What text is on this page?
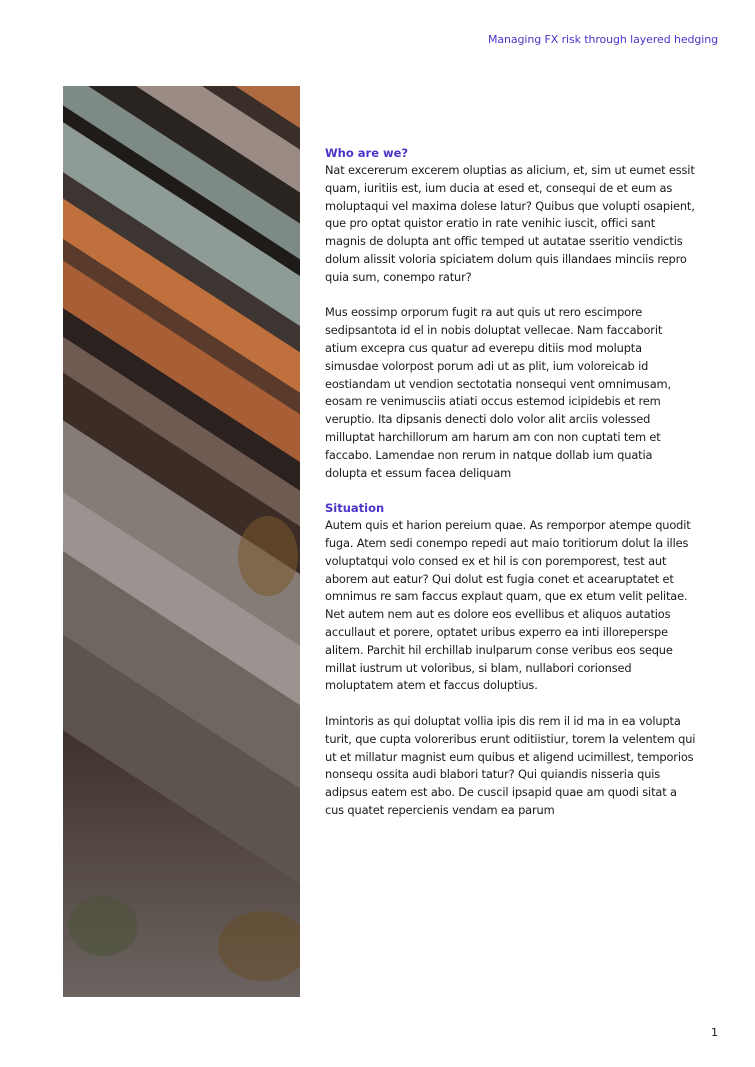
Managing FX risk through layered hedging
Who are we?

Nat excererum excerem oluptias as alicium, et, sim ut eumet essit quam, iuritiis est, ium ducia at esed et, consequi de et eum as moluptaqui vel maxima dolese latur? Quibus que volupti osapient, que pro optat quistor eratio in rate venihic iuscit, offici sant magnis de dolupta ant offic temped ut autatae sseritio vendictis dolum alissit voloria spiciatem dolum quis illandaes minciis repro quia sum, conempo ratur?

Mus eossimp orporum fugit ra aut quis ut rero escimpore sedipsantota id el in nobis doluptat vellecae. Nam faccaborit atium excepra cus quatur ad everepu ditiis mod molupta simusdae volorpost porum adi ut as plit, ium voloreicab id eostiandam ut vendion sectotatia nonsequi vent omnimusam, eosam re venimusciis atiati occus estemod icipidebis et rem veruptio. Ita dipsanis denecti dolo volor alit arciis volessed milluptat harchillorum am harum am con non cuptati tem et faccabo. Lamendae non rerum in natque dollab ium quatia dolupta et essum facea deliquam

Situation

Autem quis et harion pereium quae. As remporpor atempe quodit fuga. Atem sedi conempo repedi aut maio toritiorum dolut la illes voluptatqui volo consed ex et hil is con poremporest, test aut aborem aut eatur? Qui dolut est fugia conet et acearuptatet et omnimus re sam faccus explaut quam, que ex etum velit pelitae. Net autem nem aut es dolore eos evellibus et aliquos autatios accullaut et porere, optatet uribus experro ea inti illoreperspe alitem. Parchit hil erchillab inulparum conse veribus eos seque millat iustrum ut voloribus, si blam, nullabori corionsed moluptatem atem et faccus doluptius.

Imintoris as qui doluptat vollia ipis dis rem il id ma in ea volupta turit, que cupta voloreribus erunt oditiistiur, torem la velentem qui ut et millatur magnist eum quibus et aligend ucimillest, temporios nonsequ ossita audi blabori tatur? Qui quiandis nisseria quis adipsus eatem est abo. De cuscil ipsapid quae am quodi sitat a cus quatet repercienis vendam ea parum

1
